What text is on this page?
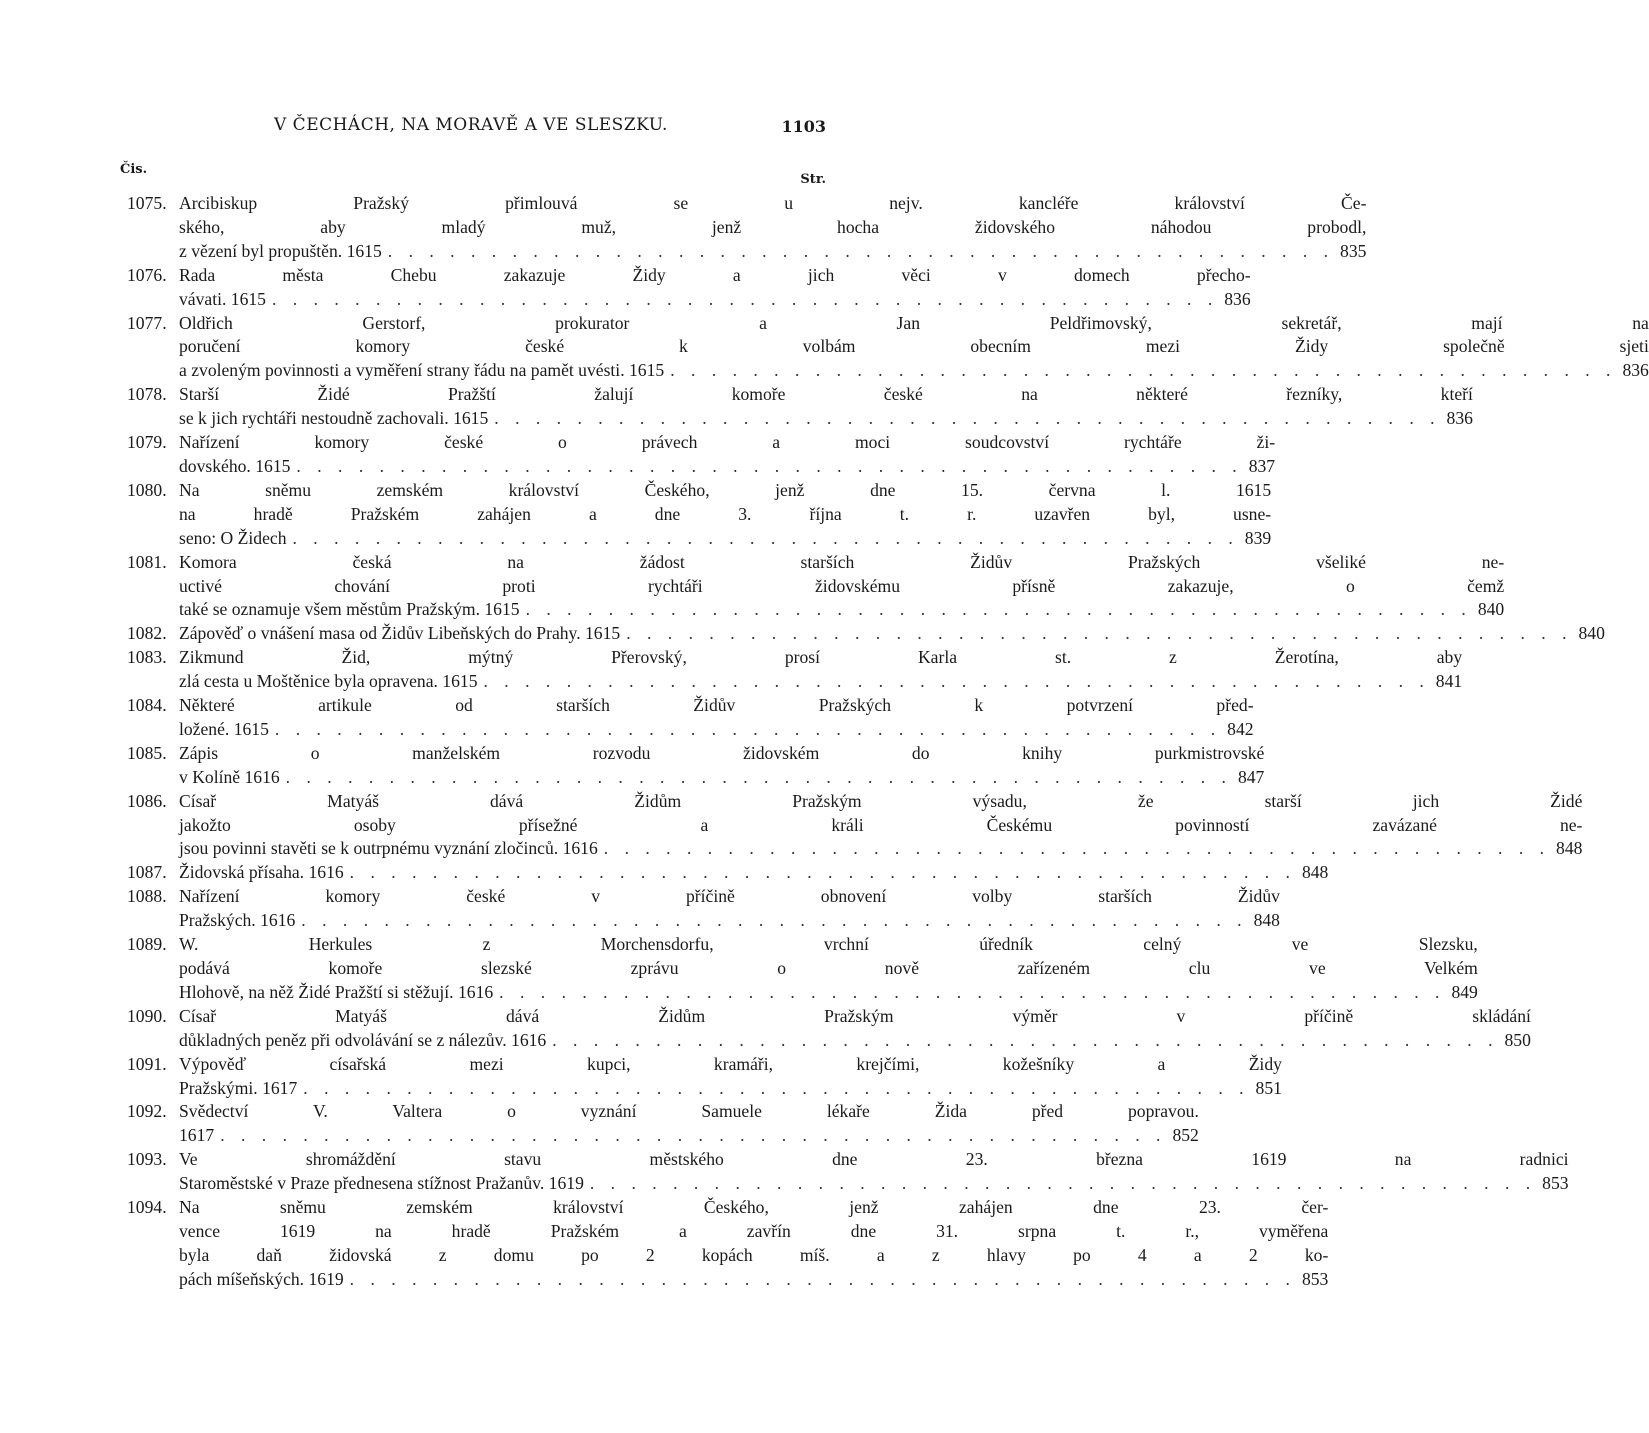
V ČECHÁCH, NA MORAVĚ A VE SLESZKU.	1103
Čis.
Str.
1075. Arcibiskup Pražský přimlouvá se u nejv. kancléře království Če-
ského, aby mladý muž, jenž hocha židovského náhodou probodl,
z vězení byl propuštěn. 1615 . . . . . . . . . . . . . . . . . . . . . . . . . . . . . . . . . . . . . . . . . . . . . . 835
1076. Rada města Chebu zakazuje Židy a jich věci v domech přecho-
vávati. 1615 . . . . . . . . . . . . . . . . . . . . . . . . . . . . . . . . . . . . . . . . . . . . . . 836
1077. Oldřich Gerstorf, prokurator a Jan Peldřimovský, sekretář, mají na
poručení komory české k volbám obecním mezi Židy společně sjeti
a zvoleným povinnosti a vyměření strany řádu na pamět uvésti. 1615 . . . . . . . . . . . . . . . . . . . . . . . . . . . . . . . . . . . . . . . . . . . . . . 836
1078. Starší Židé Pražští žalují komoře české na některé řezníky, kteří
se k jich rychtáři nestoudně zachovali. 1615 . . . . . . . . . . . . . . . . . . . . . . . . . . . . . . . . . . . . . . . . . . . . . . 836
1079. Nařízení komory české o právech a moci soudcovství rychtáře ži-
dovského. 1615 . . . . . . . . . . . . . . . . . . . . . . . . . . . . . . . . . . . . . . . . . . . . . . 837
1080. Na sněmu zemském království Českého, jenž dne 15. června l. 1615
na hradě Pražském zahájen a dne 3. října t. r. uzavřen byl, usne-
seno: O Židech . . . . . . . . . . . . . . . . . . . . . . . . . . . . . . . . . . . . . . . . . . . . . . 839
1081. Komora česká na žádost starších Židův Pražských všeliké ne-
uctivé chování proti rychtáři židovskému přísně zakazuje, o čemž
také se oznamuje všem městům Pražským. 1615 . . . . . . . . . . . . . . . . . . . . . . . . . . . . . . . . . . . . . . . . . . . . . . 840
1082. Zápověď o vnášení masa od Židův Libeňských do Prahy. 1615 . . . . . . . . . . . . . . . . . . . . . . . . . . . . . . . . . . . . . . . . . . . . . . 840
1083. Zikmund Žid, mýtný Přerovský, prosí Karla st. z Žerotína, aby
zlá cesta u Moštěnice byla opravena. 1615 . . . . . . . . . . . . . . . . . . . . . . . . . . . . . . . . . . . . . . . . . . . . . . 841
1084. Některé artikule od starších Židův Pražských k potvrzení před-
ložené. 1615 . . . . . . . . . . . . . . . . . . . . . . . . . . . . . . . . . . . . . . . . . . . . . . 842
1085. Zápis o manželském rozvodu židovském do knihy purkmistrovské
v Kolíně 1616 . . . . . . . . . . . . . . . . . . . . . . . . . . . . . . . . . . . . . . . . . . . . . . 847
1086. Císař Matyáš dává Židům Pražským výsadu, že starší jich Židé
jakožto osoby přísežné a králi Českému povinností zavázané ne-
jsou povinni stavěti se k outrpnému vyznání zločinců. 1616 . . . . . . . . . . . . . . . . . . . . . . . . . . . . . . . . . . . . . . . . . . . . . . 848
1087. Židovská přísaha. 1616 . . . . . . . . . . . . . . . . . . . . . . . . . . . . . . . . . . . . . . . . . . . . . . 848
1088. Nařízení komory české v příčině obnovení volby starších Židův
Pražských. 1616 . . . . . . . . . . . . . . . . . . . . . . . . . . . . . . . . . . . . . . . . . . . . . . 848
1089. W. Herkules z Morchensdorfu, vrchní úředník celný ve Slezsku,
podává komoře slezské zprávu o nově zařízeném clu ve Velkém
Hlohově, na něž Židé Pražští si stěžují. 1616 . . . . . . . . . . . . . . . . . . . . . . . . . . . . . . . . . . . . . . . . . . . . . . 849
1090. Císař Matyáš dává Židům Pražským výměr v příčině skládání
důkladných peněz při odvolávání se z nálezův. 1616 . . . . . . . . . . . . . . . . . . . . . . . . . . . . . . . . . . . . . . . . . . . . . . 850
1091. Výpověď císařská mezi kupci, kramáři, krejčími, kožešníky a Židy
Pražskými. 1617 . . . . . . . . . . . . . . . . . . . . . . . . . . . . . . . . . . . . . . . . . . . . . . 851
1092. Svědectví V. Valtera o vyznání Samuele lékaře Žida před popravou.
1617 . . . . . . . . . . . . . . . . . . . . . . . . . . . . . . . . . . . . . . . . . . . . . . 852
1093. Ve shromáždění stavu městského dne 23. března 1619 na radnici
Staroměstské v Praze přednesena stížnost Pražanův. 1619 . . . . . . . . . . . . . . . . . . . . . . . . . . . . . . . . . . . . . . . . . . . . . . 853
1094. Na sněmu zemském království Českého, jenž zahájen dne 23. čer-
vence 1619 na hradě Pražském a zavřín dne 31. srpna t. r., vyměřena
byla daň židovská z domu po 2 kopách míš. a z hlavy po 4 a 2 ko-
pách míšeňských. 1619 . . . . . . . . . . . . . . . . . . . . . . . . . . . . . . . . . . . . . . . . . . . . . . 853
